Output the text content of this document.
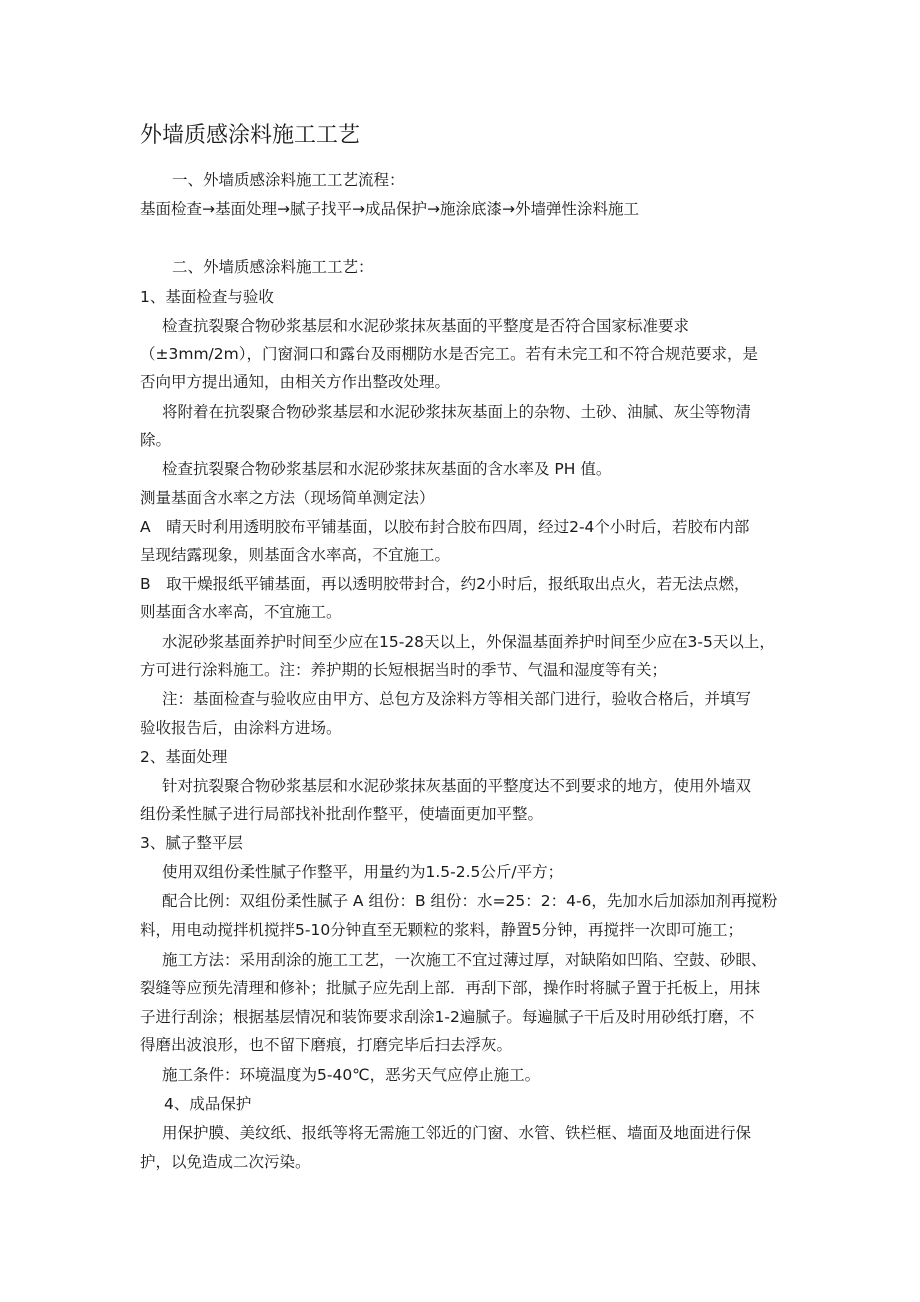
外墙质感涂料施工工艺

一、外墙质感涂料施工工艺流程：

基面检查→基面处理→腻子找平→成品保护→施涂底漆→外墙弹性涂料施工

二、外墙质感涂料施工工艺：

1、基面检查与验收

检查抗裂聚合物砂浆基层和水泥砂浆抹灰基面的平整度是否符合国家标准要求

（±3mm/2m），门窗洞口和露台及雨棚防水是否完工。若有未完工和不符合规范要求，是

否向甲方提出通知，由相关方作出整改处理。

将附着在抗裂聚合物砂浆基层和水泥砂浆抹灰基面上的杂物、土砂、油腻、灰尘等物清

除。

检查抗裂聚合物砂浆基层和水泥砂浆抹灰基面的含水率及 PH 值。

测量基面含水率之方法（现场简单测定法）

A　晴天时利用透明胶布平铺基面，以胶布封合胶布四周，经过2-4个小时后，若胶布内部

呈现结露现象，则基面含水率高，不宜施工。

B　取干燥报纸平铺基面，再以透明胶带封合，约2小时后，报纸取出点火，若无法点燃，

则基面含水率高，不宜施工。

水泥砂浆基面养护时间至少应在15-28天以上，外保温基面养护时间至少应在3-5天以上，

方可进行涂料施工。注：养护期的长短根据当时的季节、气温和湿度等有关；

注：基面检查与验收应由甲方、总包方及涂料方等相关部门进行，验收合格后，并填写

验收报告后，由涂料方进场。

2、基面处理

针对抗裂聚合物砂浆基层和水泥砂浆抹灰基面的平整度达不到要求的地方，使用外墙双

组份柔性腻子进行局部找补批刮作整平，使墙面更加平整。

3、腻子整平层

使用双组份柔性腻子作整平，用量约为1.5-2.5公斤/平方；

配合比例：双组份柔性腻子 A 组份：B 组份：水=25：2：4-6，先加水后加添加剂再搅粉

料，用电动搅拌机搅拌5-10分钟直至无颗粒的浆料，静置5分钟，再搅拌一次即可施工；

施工方法：采用刮涂的施工工艺，一次施工不宜过薄过厚，对缺陷如凹陷、空鼓、砂眼、

裂缝等应预先清理和修补；批腻子应先刮上部．再刮下部，操作时将腻子置于托板上，用抹

子进行刮涂；根据基层情况和装饰要求刮涂1-2遍腻子。每遍腻子干后及时用砂纸打磨，不

得磨出波浪形，也不留下磨痕，打磨完毕后扫去浮灰。

施工条件：环境温度为5-40℃，恶劣天气应停止施工。

4、成品保护

用保护膜、美纹纸、报纸等将无需施工邻近的门窗、水管、铁栏框、墙面及地面进行保

护，以免造成二次污染。
